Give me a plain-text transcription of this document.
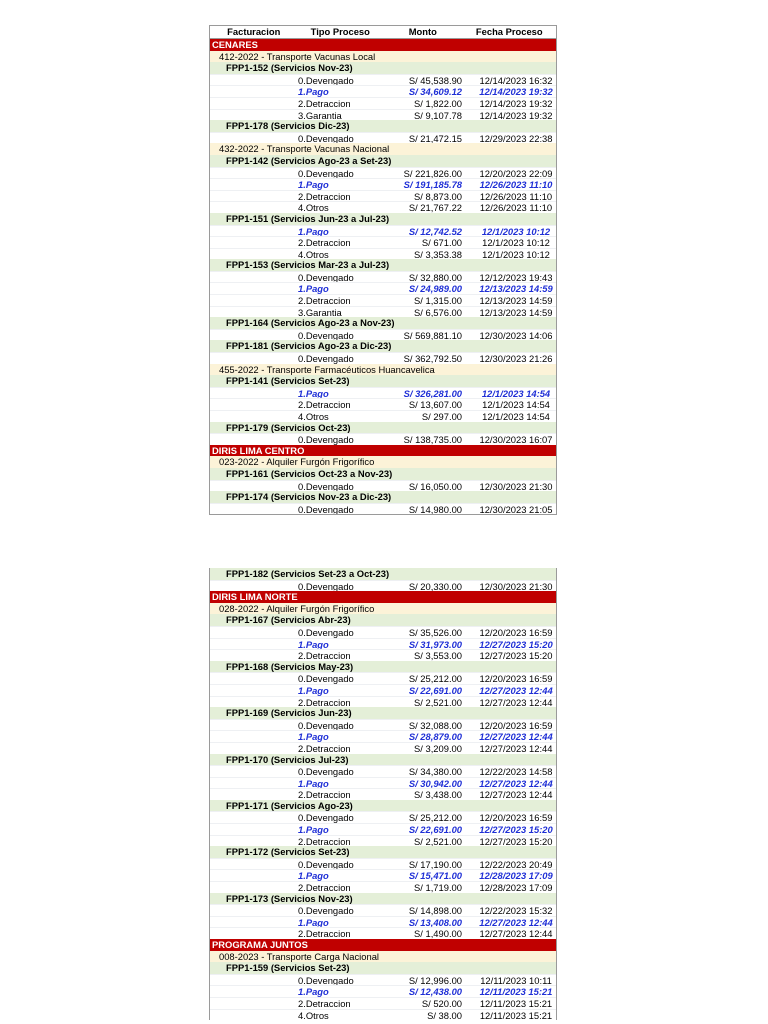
Facturacion	Tipo Proceso	Monto	Fecha Proceso
CENARES
412-2022 - Transporte Vacunas Local
FPP1-152 (Servicios Nov-23)
0.Devengado	S/ 45,538.90	12/14/2023 16:32
1.Pago	S/ 34,609.12	12/14/2023 19:32
2.Detraccion	S/ 1,822.00	12/14/2023 19:32
3.Garantia	S/ 9,107.78	12/14/2023 19:32
FPP1-178 (Servicios Dic-23)
0.Devengado	S/ 21,472.15	12/29/2023 22:38
432-2022 - Transporte Vacunas Nacional
FPP1-142 (Servicios Ago-23 a Set-23)
0.Devengado	S/ 221,826.00	12/20/2023 22:09
1.Pago	S/ 191,185.78	12/26/2023 11:10
2.Detraccion	S/ 8,873.00	12/26/2023 11:10
4.Otros	S/ 21,767.22	12/26/2023 11:10
FPP1-151 (Servicios Jun-23 a Jul-23)
1.Pago	S/ 12,742.52	12/1/2023 10:12
2.Detraccion	S/ 671.00	12/1/2023 10:12
4.Otros	S/ 3,353.38	12/1/2023 10:12
FPP1-153 (Servicios Mar-23 a Jul-23)
0.Devengado	S/ 32,880.00	12/12/2023 19:43
1.Pago	S/ 24,989.00	12/13/2023 14:59
2.Detraccion	S/ 1,315.00	12/13/2023 14:59
3.Garantia	S/ 6,576.00	12/13/2023 14:59
FPP1-164 (Servicios Ago-23 a Nov-23)
0.Devengado	S/ 569,881.10	12/30/2023 14:06
FPP1-181 (Servicios Ago-23 a Dic-23)
0.Devengado	S/ 362,792.50	12/30/2023 21:26
455-2022 - Transporte Farmacéuticos Huancavelica
FPP1-141 (Servicios Set-23)
1.Pago	S/ 326,281.00	12/1/2023 14:54
2.Detraccion	S/ 13,607.00	12/1/2023 14:54
4.Otros	S/ 297.00	12/1/2023 14:54
FPP1-179 (Servicios Oct-23)
0.Devengado	S/ 138,735.00	12/30/2023 16:07
DIRIS LIMA CENTRO
023-2022 - Alquiler Furgón Frigorífico
FPP1-161 (Servicios Oct-23 a Nov-23)
0.Devengado	S/ 16,050.00	12/30/2023 21:30
FPP1-174 (Servicios Nov-23 a Dic-23)
0.Devengado	S/ 14,980.00	12/30/2023 21:05
FPP1-182 (Servicios Set-23 a Oct-23)
0.Devengado	S/ 20,330.00	12/30/2023 21:30
DIRIS LIMA NORTE
028-2022 - Alquiler Furgón Frigorífico
FPP1-167 (Servicios Abr-23)
0.Devengado	S/ 35,526.00	12/20/2023 16:59
1.Pago	S/ 31,973.00	12/27/2023 15:20
2.Detraccion	S/ 3,553.00	12/27/2023 15:20
FPP1-168 (Servicios May-23)
0.Devengado	S/ 25,212.00	12/20/2023 16:59
1.Pago	S/ 22,691.00	12/27/2023 12:44
2.Detraccion	S/ 2,521.00	12/27/2023 12:44
FPP1-169 (Servicios Jun-23)
0.Devengado	S/ 32,088.00	12/20/2023 16:59
1.Pago	S/ 28,879.00	12/27/2023 12:44
2.Detraccion	S/ 3,209.00	12/27/2023 12:44
FPP1-170 (Servicios Jul-23)
0.Devengado	S/ 34,380.00	12/22/2023 14:58
1.Pago	S/ 30,942.00	12/27/2023 12:44
2.Detraccion	S/ 3,438.00	12/27/2023 12:44
FPP1-171 (Servicios Ago-23)
0.Devengado	S/ 25,212.00	12/20/2023 16:59
1.Pago	S/ 22,691.00	12/27/2023 15:20
2.Detraccion	S/ 2,521.00	12/27/2023 15:20
FPP1-172 (Servicios Set-23)
0.Devengado	S/ 17,190.00	12/22/2023 20:49
1.Pago	S/ 15,471.00	12/28/2023 17:09
2.Detraccion	S/ 1,719.00	12/28/2023 17:09
FPP1-173 (Servicios Nov-23)
0.Devengado	S/ 14,898.00	12/22/2023 15:32
1.Pago	S/ 13,408.00	12/27/2023 12:44
2.Detraccion	S/ 1,490.00	12/27/2023 12:44
PROGRAMA JUNTOS
008-2023 - Transporte Carga Nacional
FPP1-159 (Servicios Set-23)
0.Devengado	S/ 12,996.00	12/11/2023 10:11
1.Pago	S/ 12,438.00	12/11/2023 15:21
2.Detraccion	S/ 520.00	12/11/2023 15:21
4.Otros	S/ 38.00	12/11/2023 15:21
